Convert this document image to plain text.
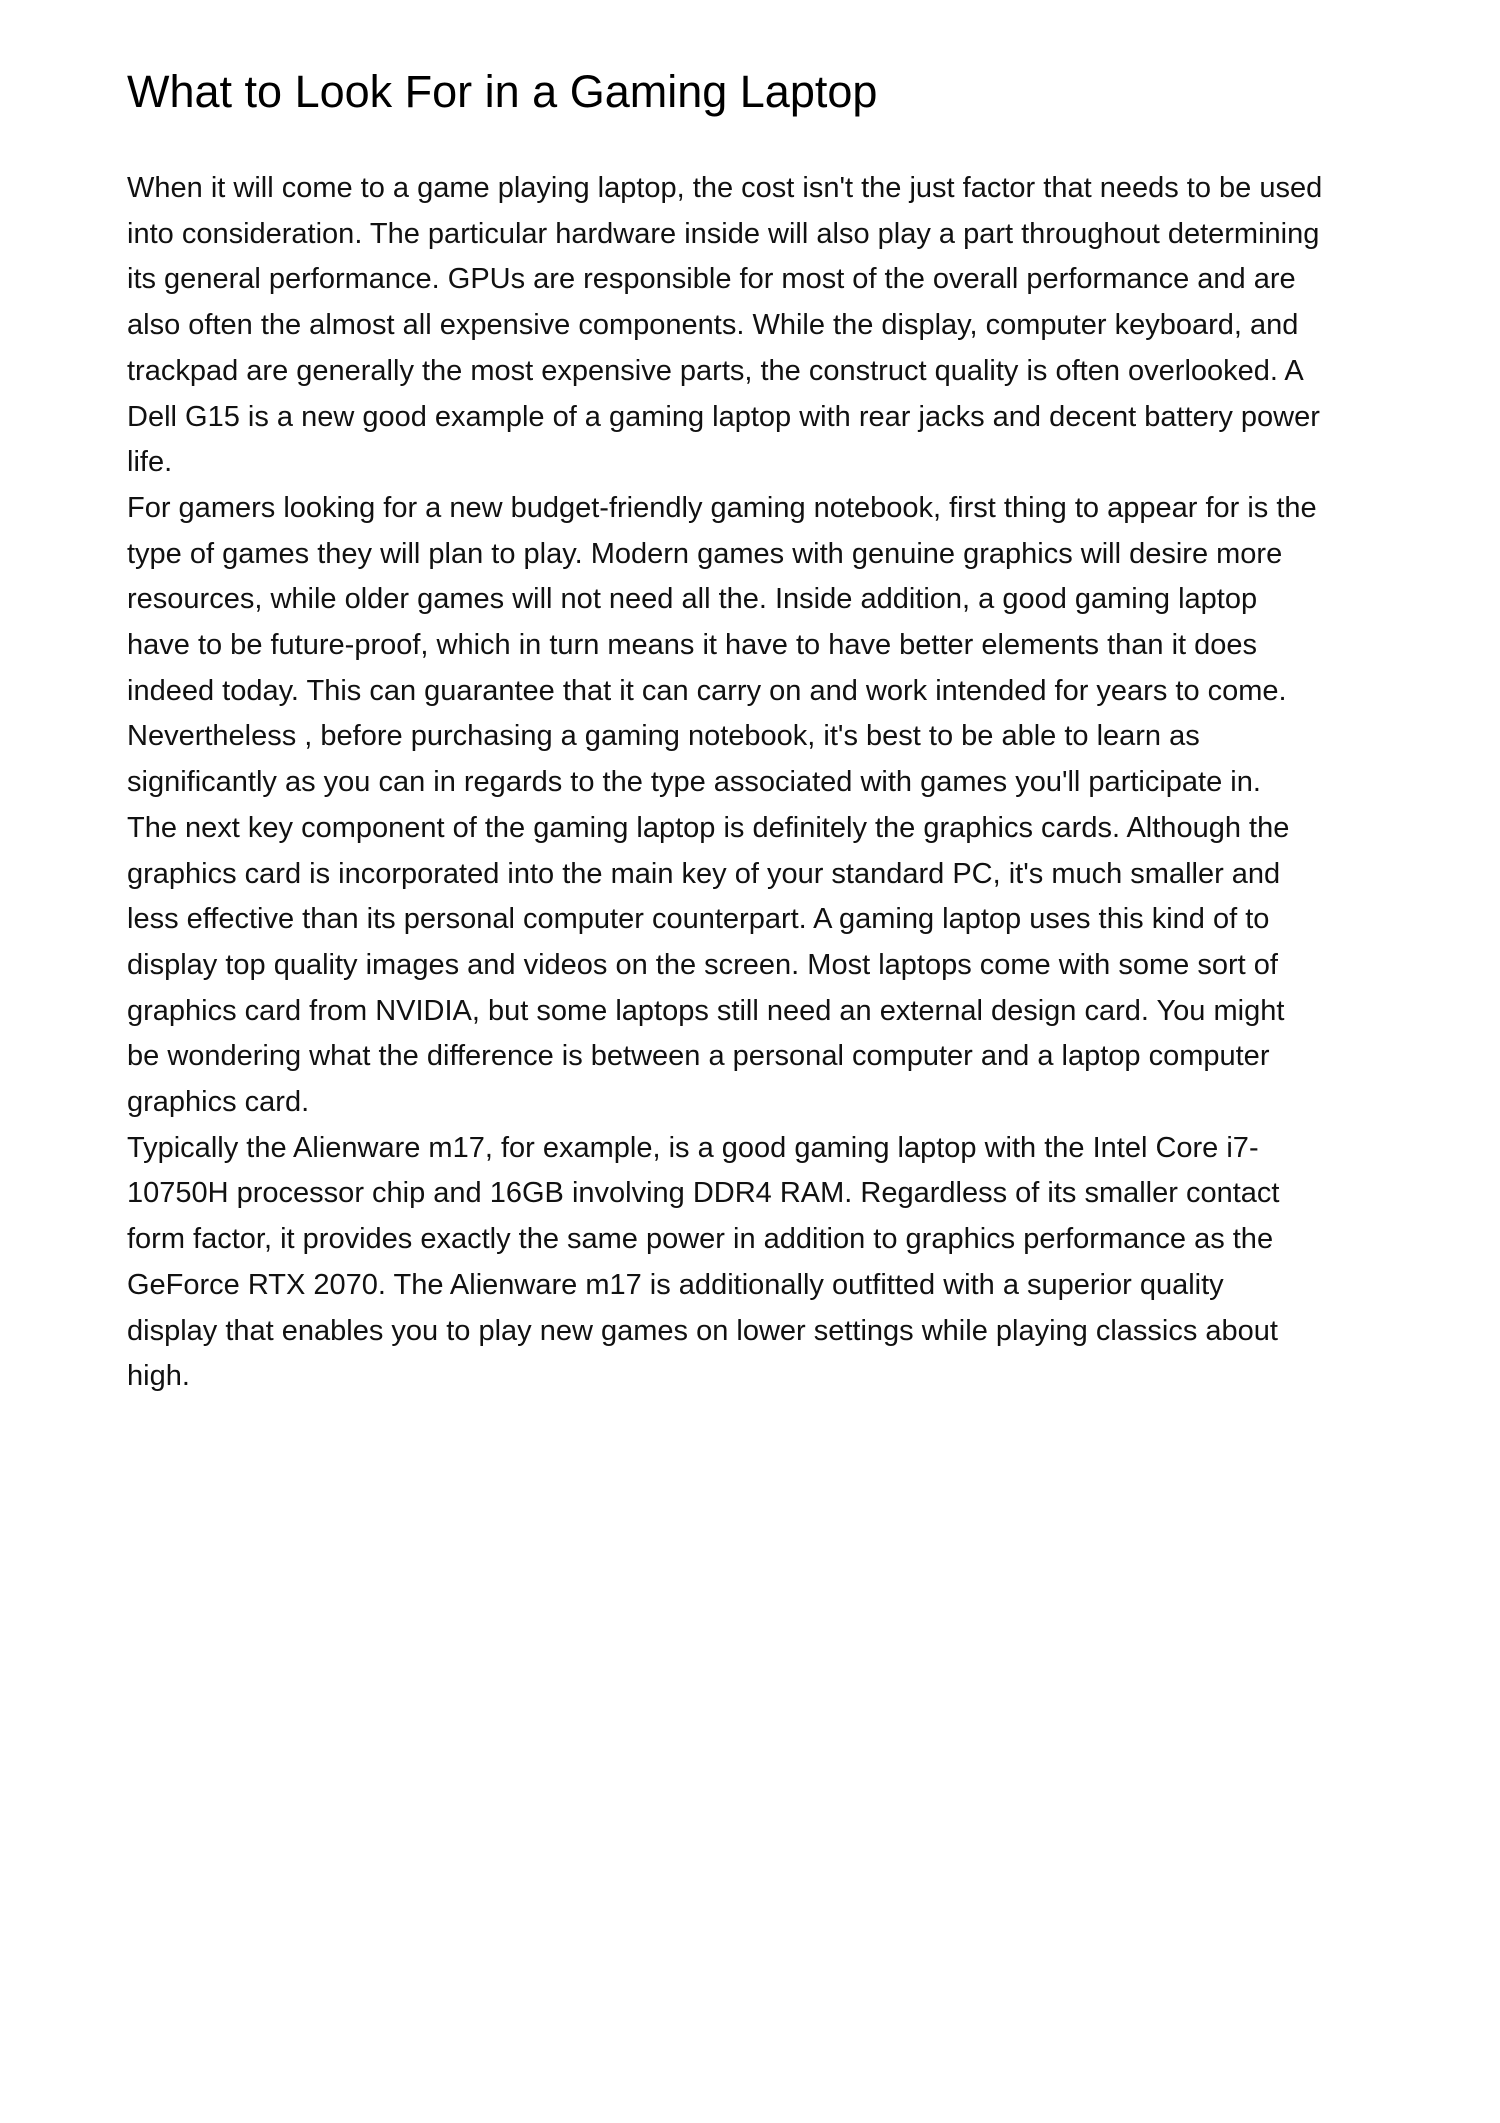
What to Look For in a Gaming Laptop
When it will come to a game playing laptop, the cost isn't the just factor that needs to be used
into consideration. The particular hardware inside will also play a part throughout determining
its general performance. GPUs are responsible for most of the overall performance and are
also often the almost all expensive components. While the display, computer keyboard, and
trackpad are generally the most expensive parts, the construct quality is often overlooked. A
Dell G15 is a new good example of a gaming laptop with rear jacks and decent battery power
life.
For gamers looking for a new budget-friendly gaming notebook, first thing to appear for is the
type of games they will plan to play. Modern games with genuine graphics will desire more
resources, while older games will not need all the. Inside addition, a good gaming laptop
have to be future-proof, which in turn means it have to have better elements than it does
indeed today. This can guarantee that it can carry on and work intended for years to come.
Nevertheless , before purchasing a gaming notebook, it's best to be able to learn as
significantly as you can in regards to the type associated with games you'll participate in.
The next key component of the gaming laptop is definitely the graphics cards. Although the
graphics card is incorporated into the main key of your standard PC, it's much smaller and
less effective than its personal computer counterpart. A gaming laptop uses this kind of to
display top quality images and videos on the screen. Most laptops come with some sort of
graphics card from NVIDIA, but some laptops still need an external design card. You might
be wondering what the difference is between a personal computer and a laptop computer
graphics card.
Typically the Alienware m17, for example, is a good gaming laptop with the Intel Core i7-
10750H processor chip and 16GB involving DDR4 RAM. Regardless of its smaller contact
form factor, it provides exactly the same power in addition to graphics performance as the
GeForce RTX 2070. The Alienware m17 is additionally outfitted with a superior quality
display that enables you to play new games on lower settings while playing classics about
high.
